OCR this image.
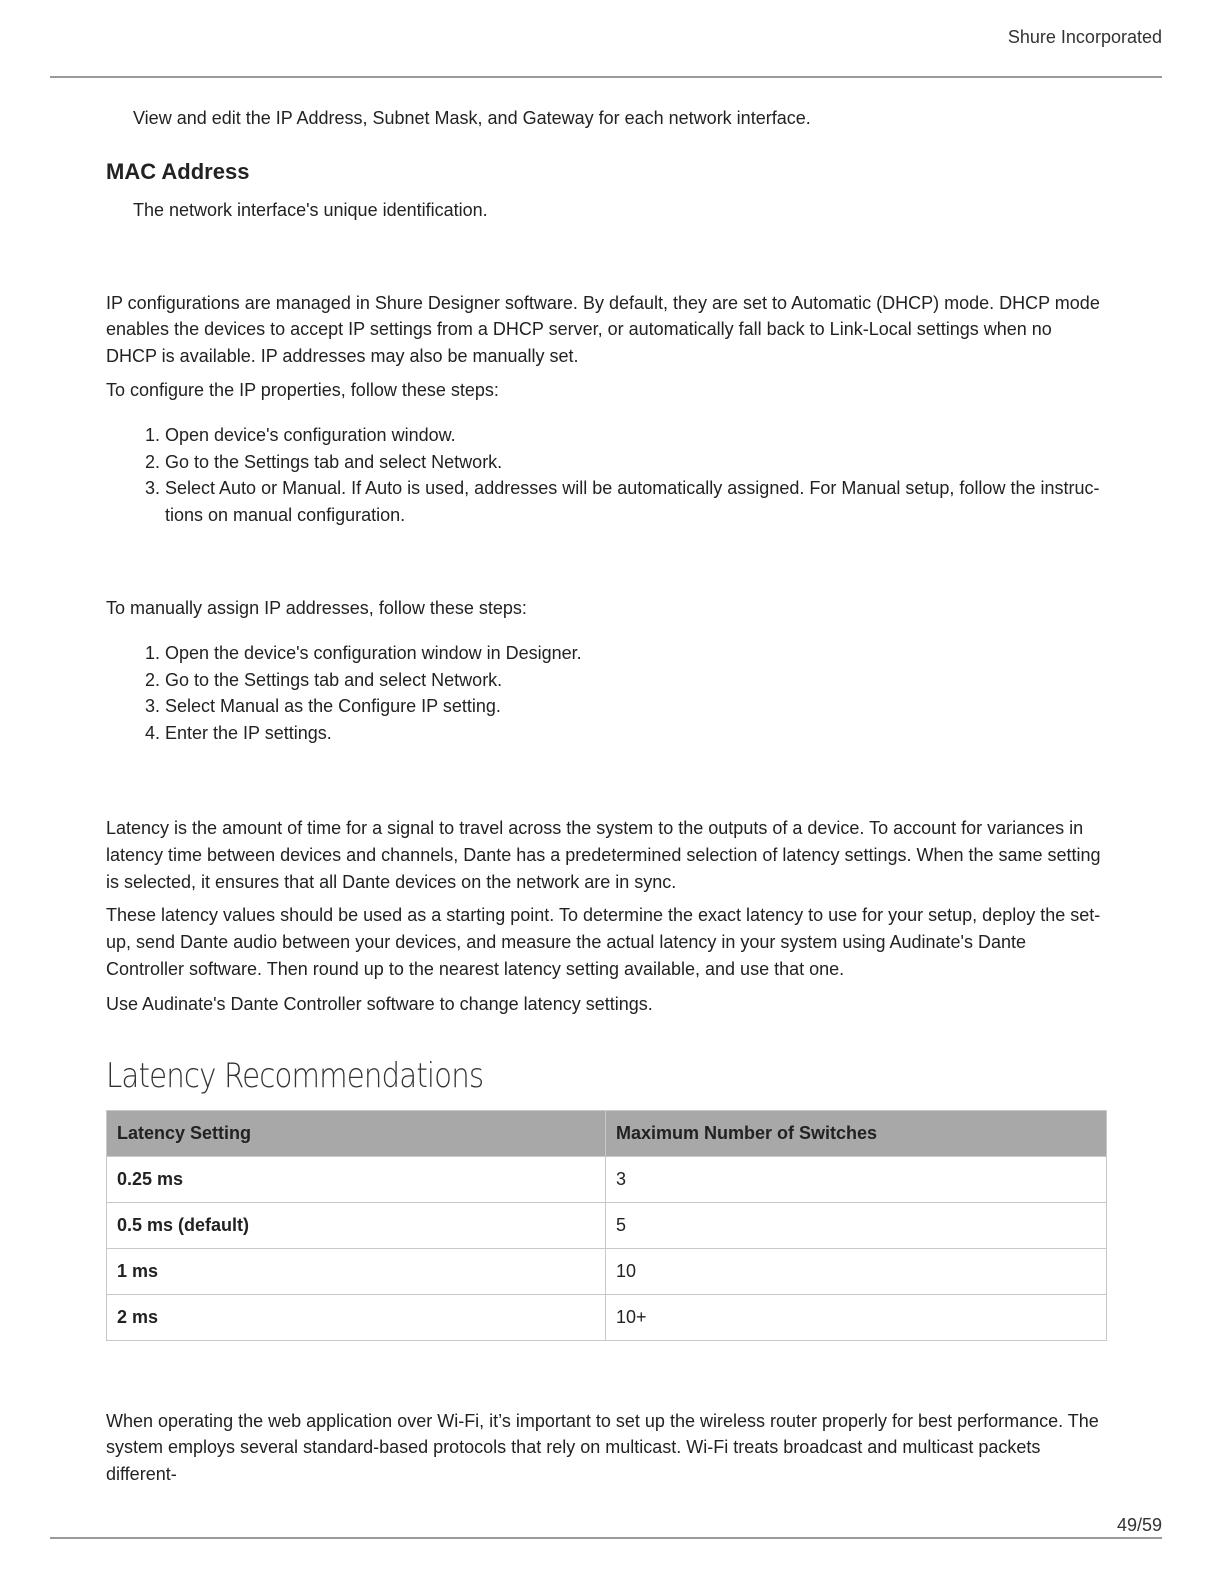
Shure Incorporated

View and edit the IP Address, Subnet Mask, and Gateway for each network interface.

MAC Address

The network interface's unique identification.

IP configurations are managed in Shure Designer software. By default, they are set to Automatic (DHCP) mode. DHCP mode enables the devices to accept IP settings from a DHCP server, or automatically fall back to Link-Local settings when no DHCP is available. IP addresses may also be manually set.

To configure the IP properties, follow these steps:

1. Open device's configuration window.
2. Go to the Settings tab and select Network.
3. Select Auto or Manual. If Auto is used, addresses will be automatically assigned. For Manual setup, follow the instructions on manual configuration.

To manually assign IP addresses, follow these steps:

1. Open the device's configuration window in Designer.
2. Go to the Settings tab and select Network.
3. Select Manual as the Configure IP setting.
4. Enter the IP settings.

Latency is the amount of time for a signal to travel across the system to the outputs of a device. To account for variances in latency time between devices and channels, Dante has a predetermined selection of latency settings. When the same setting is selected, it ensures that all Dante devices on the network are in sync.

These latency values should be used as a starting point. To determine the exact latency to use for your setup, deploy the setup, send Dante audio between your devices, and measure the actual latency in your system using Audinate's Dante Controller software. Then round up to the nearest latency setting available, and use that one.

Use Audinate's Dante Controller software to change latency settings.

Latency Recommendations
Latency Setting	Maximum Number of Switches
0.25 ms	3
0.5 ms (default)	5
1 ms	10
2 ms	10+

When operating the web application over Wi-Fi, it’s important to set up the wireless router properly for best performance. The system employs several standard-based protocols that rely on multicast. Wi-Fi treats broadcast and multicast packets different-

49/59
